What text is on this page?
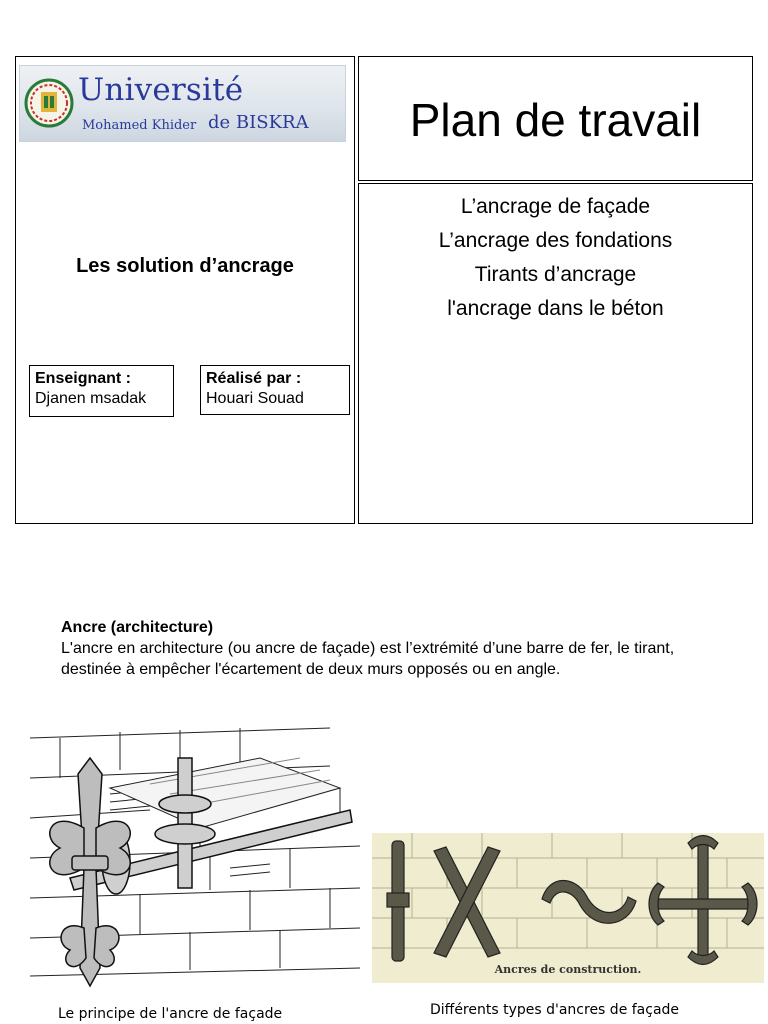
Université
Mohamed Khider de BISKRA
Les solution d’ancrage
Enseignant :
Djanen msadak
Réalisé par :
Houari Souad
Plan de travail
L’ancrage de façade
L’ancrage des fondations
Tirants d’ancrage
l'ancrage dans le béton
Ancre (architecture)
L'ancre en architecture (ou ancre de façade) est l’extrémité d’une barre de fer, le tirant, destinée à empêcher l'écartement de deux murs opposés ou en angle.
Ancres de construction.
Le principe de l'ancre de façade	Différents types d'ancres de façade
